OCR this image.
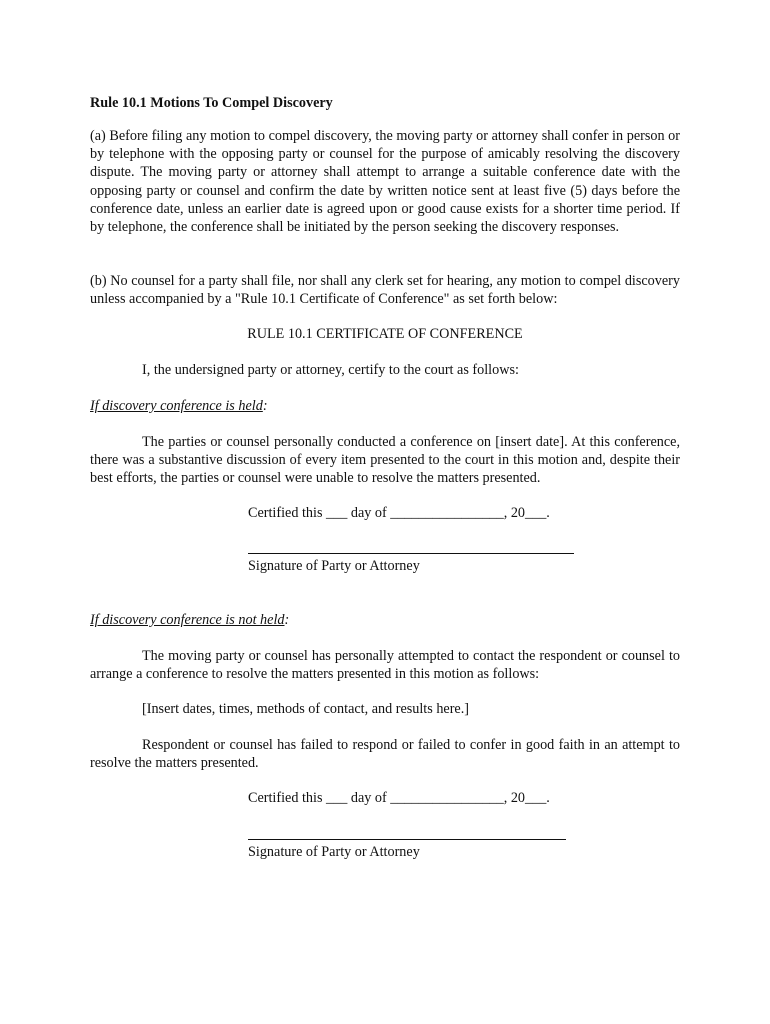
Rule 10.1 Motions To Compel Discovery
(a) Before filing any motion to compel discovery, the moving party or attorney shall confer in person or by telephone with the opposing party or counsel for the purpose of amicably resolving the discovery dispute. The moving party or attorney shall attempt to arrange a suitable conference date with the opposing party or counsel and confirm the date by written notice sent at least five (5) days before the conference date, unless an earlier date is agreed upon or good cause exists for a shorter time period. If by telephone, the conference shall be initiated by the person seeking the discovery responses.
(b) No counsel for a party shall file, nor shall any clerk set for hearing, any motion to compel discovery unless accompanied by a "Rule 10.1 Certificate of Conference" as set forth below:
RULE 10.1 CERTIFICATE OF CONFERENCE
I, the undersigned party or attorney, certify to the court as follows:
If discovery conference is held:
The parties or counsel personally conducted a conference on [insert date]. At this conference, there was a substantive discussion of every item presented to the court in this motion and, despite their best efforts, the parties or counsel were unable to resolve the matters presented.
Certified this ___ day of ________________, 20___.
Signature of Party or Attorney
If discovery conference is not held:
The moving party or counsel has personally attempted to contact the respondent or counsel to arrange a conference to resolve the matters presented in this motion as follows:
[Insert dates, times, methods of contact, and results here.]
Respondent or counsel has failed to respond or failed to confer in good faith in an attempt to resolve the matters presented.
Certified this ___ day of ________________, 20___.
Signature of Party or Attorney
